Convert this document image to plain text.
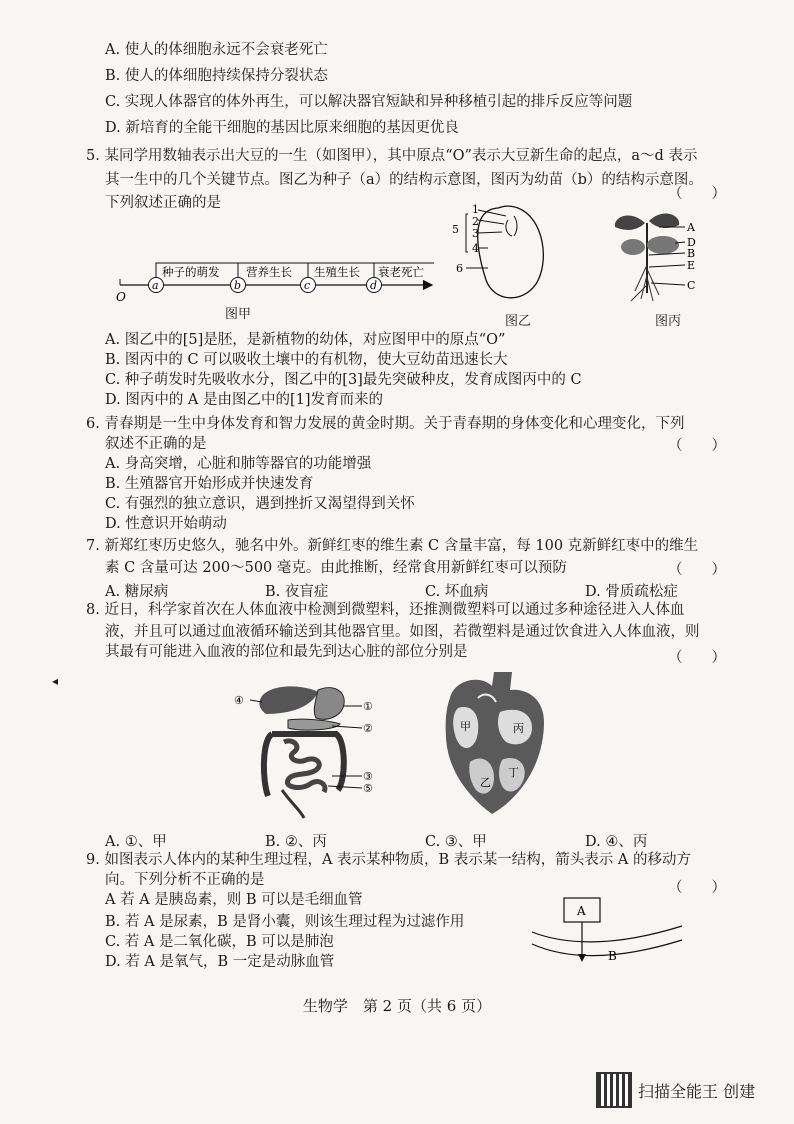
A. 使人的体细胞永远不会衰老死亡
B. 使人的体细胞持续保持分裂状态
C. 实现人体器官的体外再生，可以解决器官短缺和异种移植引起的排斥反应等问题
D. 新培育的全能干细胞的基因比原来细胞的基因更优良
5. 某同学用数轴表示出大豆的一生（如图甲），其中原点“O”表示大豆新生命的起点，a～d 表示
其一生中的几个关键节点。图乙为种子（a）的结构示意图，图丙为幼苗（b）的结构示意图。
下列叙述正确的是
（　　）
O
a	b	c	d
种子的萌发 营养生长 生殖生长 衰老死亡
图甲
1
2
3
4
5
6
图乙
A
D
B
E
C
图丙
A. 图乙中的[5]是胚，是新植物的幼体，对应图甲中的原点“O”
B. 图丙中的 C 可以吸收土壤中的有机物，使大豆幼苗迅速长大
C. 种子萌发时先吸收水分，图乙中的[3]最先突破种皮，发育成图丙中的 C
D. 图丙中的 A 是由图乙中的[1]发育而来的
6. 青春期是一生中身体发育和智力发展的黄金时期。关于青春期的身体变化和心理变化，下列
叙述不正确的是	（　　）
A. 身高突增，心脏和肺等器官的功能增强
B. 生殖器官开始形成并快速发育
C. 有强烈的独立意识，遇到挫折又渴望得到关怀
D. 性意识开始萌动
7. 新郑红枣历史悠久，驰名中外。新鲜红枣的维生素 C 含量丰富，每 100 克新鲜红枣中的维生
素 C 含量可达 200～500 毫克。由此推断，经常食用新鲜红枣可以预防	（　　）
A. 糖尿病	B. 夜盲症	C. 坏血病	D. 骨质疏松症
8. 近日，科学家首次在人体血液中检测到微塑料，还推测微塑料可以通过多种途径进入人体血
液，并且可以通过血液循环输送到其他器官里。如图，若微塑料是通过饮食进入人体血液，则
其最有可能进入血液的部位和最先到达心脏的部位分别是	（　　）
◂
④	①
②
③
⑤
甲	丙
乙
丁
A. ①、甲	B. ②、丙	C. ③、甲	D. ④、丙
9. 如图表示人体内的某种生理过程，A 表示某种物质，B 表示某一结构，箭头表示 A 的移动方
向。下列分析不正确的是	（　　）
A 若 A 是胰岛素，则 B 可以是毛细血管
B. 若 A 是尿素，B 是肾小囊，则该生理过程为过滤作用
C. 若 A 是二氧化碳，B 可以是肺泡
D. 若 A 是氧气，B 一定是动脉血管
A
B
生物学　第 2 页（共 6 页）
扫描全能王 创建
